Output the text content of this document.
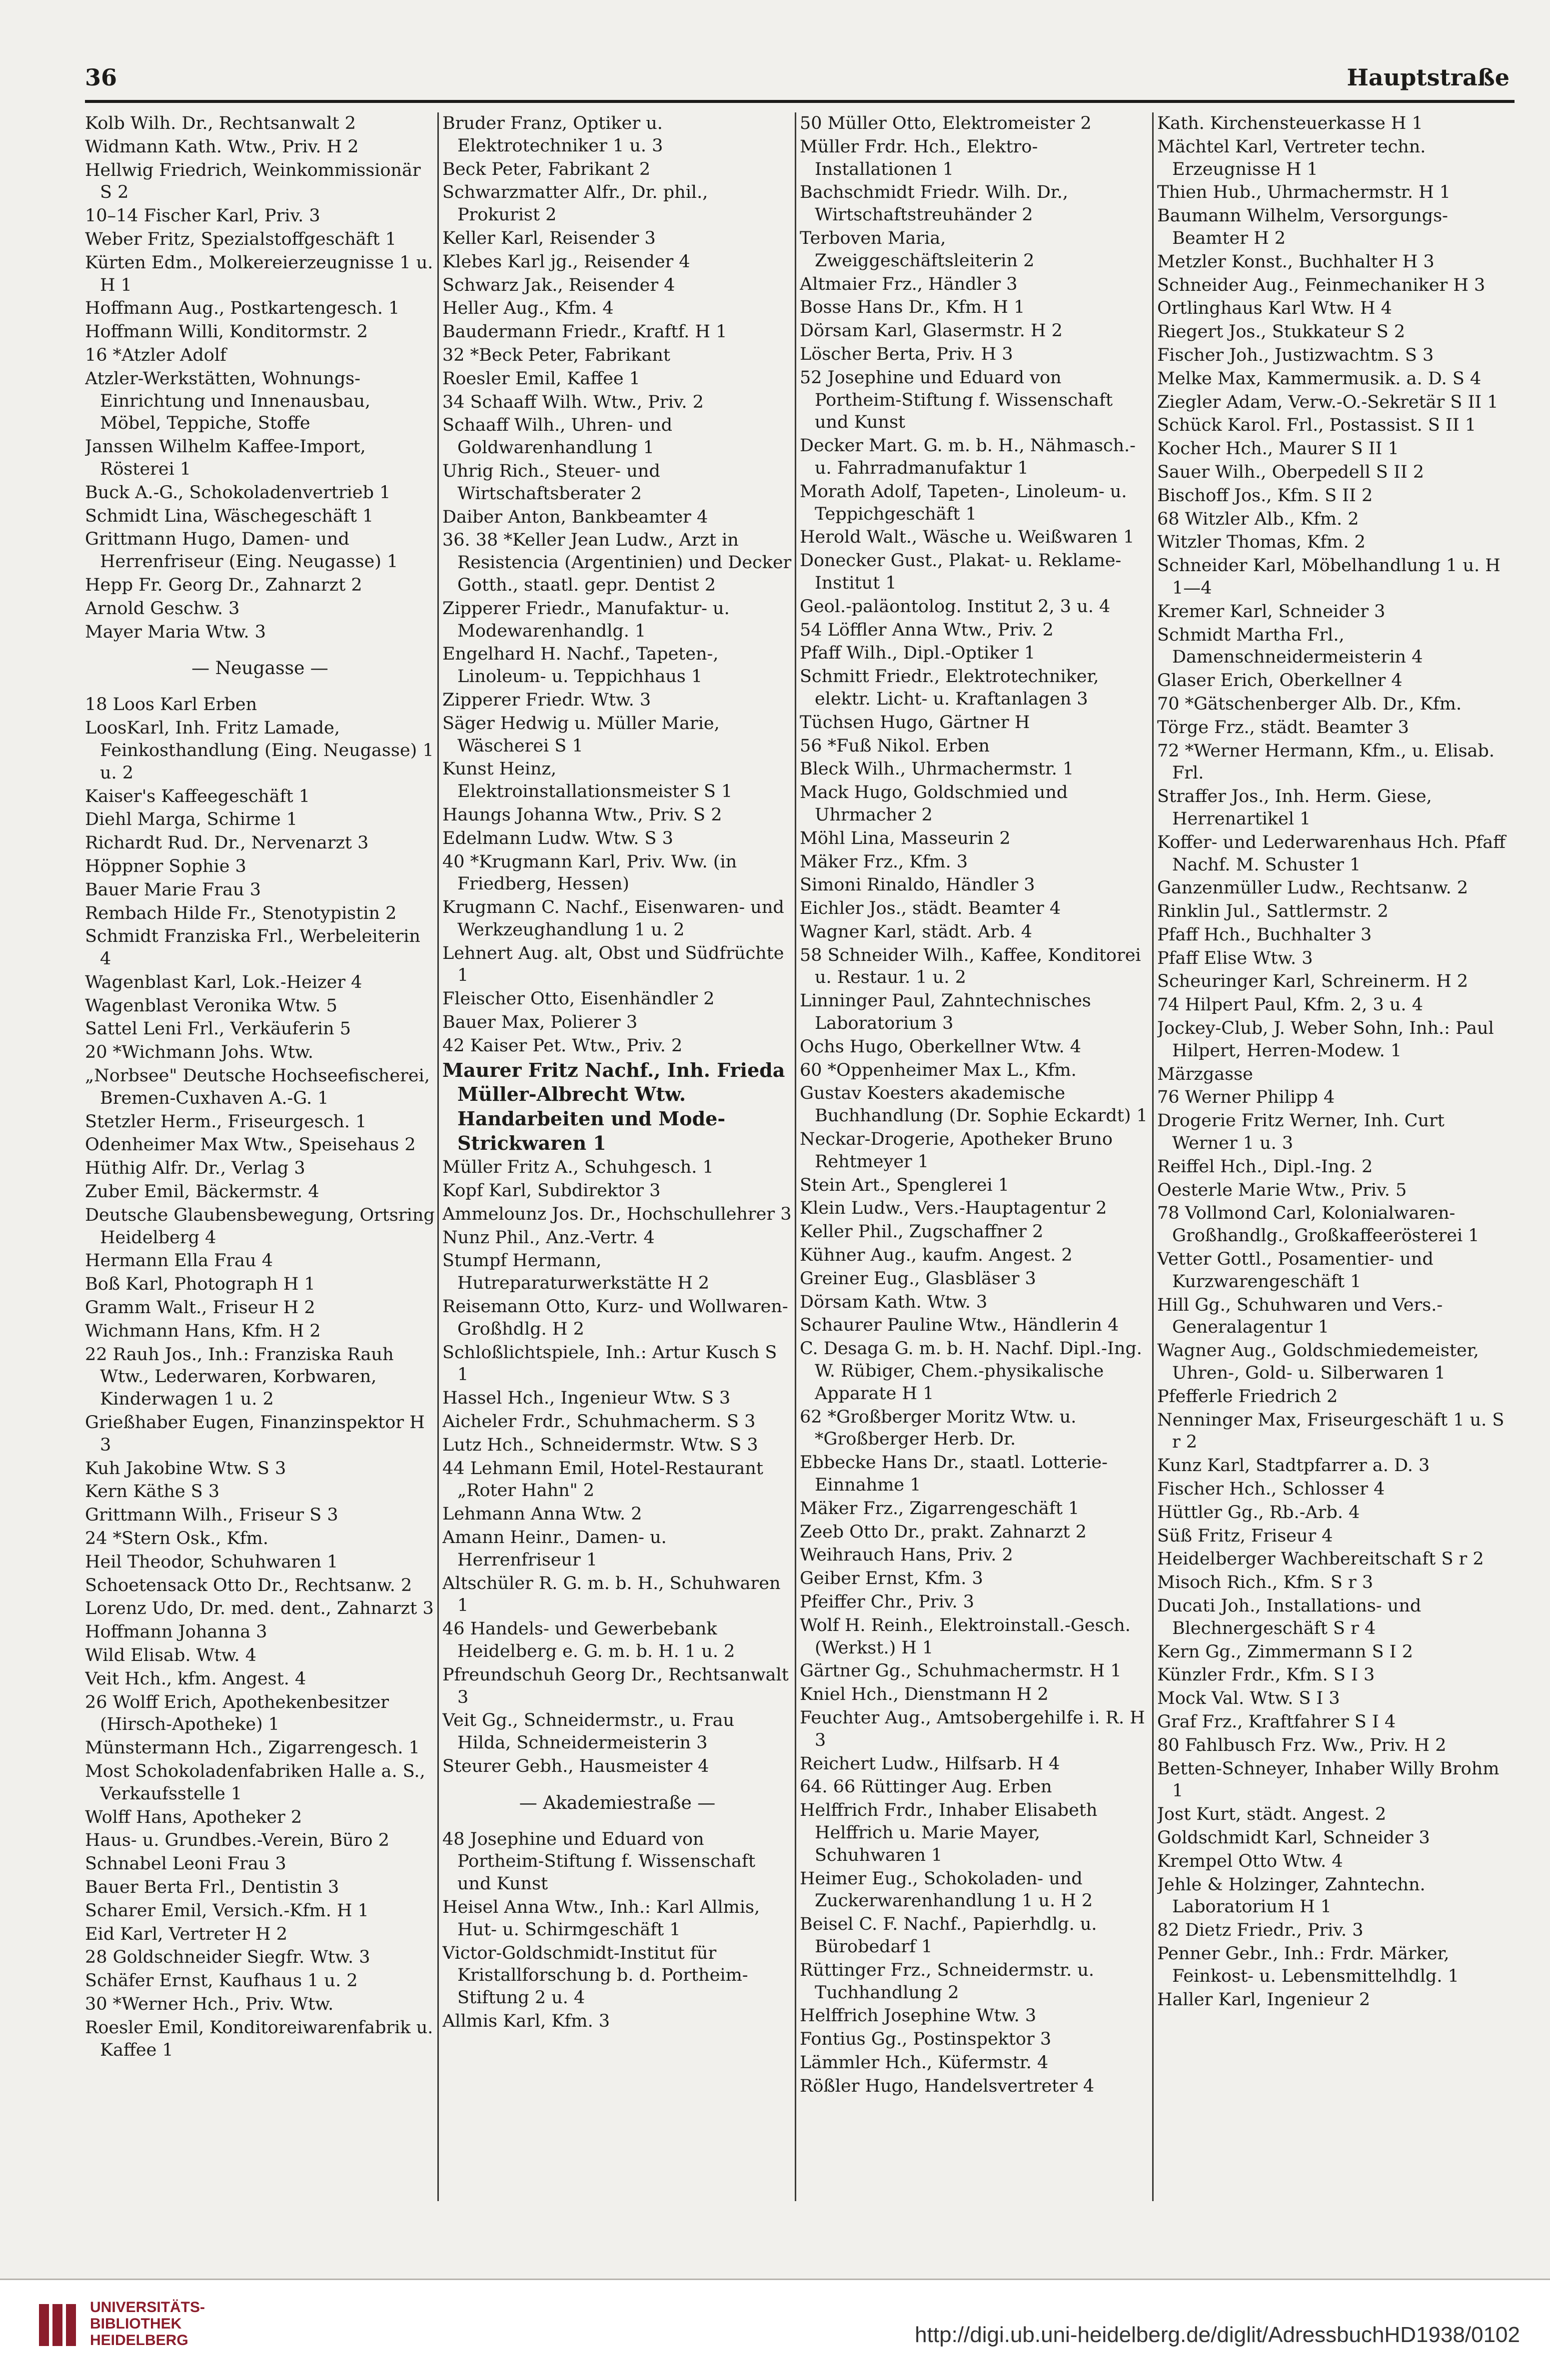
36	Hauptstraße
Kolb Wilh. Dr., Rechtsanwalt 2
Widmann Kath. Wtw., Priv. H 2
Hellwig Friedrich, Weinkommissionär S 2
10–14 Fischer Karl, Priv. 3
Weber Fritz, Spezialstoffgeschäft 1
Kürten Edm., Molkereierzeugnisse 1 u. H 1
Hoffmann Aug., Postkartengesch. 1
Hoffmann Willi, Konditormstr. 2
16 *Atzler Adolf
Atzler-Werkstätten, Wohnungs-Einrichtung und Innenausbau, Möbel, Teppiche, Stoffe
Janssen Wilhelm Kaffee-Import, Rösterei 1
Buck A.-G., Schokoladenvertrieb 1
Schmidt Lina, Wäschegeschäft 1
Grittmann Hugo, Damen- und Herrenfriseur (Eing. Neugasse) 1
Hepp Fr. Georg Dr., Zahnarzt 2
Arnold Geschw. 3
Mayer Maria Wtw. 3
— Neugasse —
18 Loos Karl Erben
LoosKarl, Inh. Fritz Lamade, Feinkosthandlung (Eing. Neugasse) 1 u. 2
Kaiser's Kaffeegeschäft 1
Diehl Marga, Schirme 1
Richardt Rud. Dr., Nervenarzt 3
Höppner Sophie 3
Bauer Marie Frau 3
Rembach Hilde Fr., Stenotypistin 2
Schmidt Franziska Frl., Werbeleiterin 4
Wagenblast Karl, Lok.-Heizer 4
Wagenblast Veronika Wtw. 5
Sattel Leni Frl., Verkäuferin 5
20 *Wichmann Johs. Wtw.
„Norbsee" Deutsche Hochseefischerei, Bremen-Cuxhaven A.-G. 1
Stetzler Herm., Friseurgesch. 1
Odenheimer Max Wtw., Speisehaus 2
Hüthig Alfr. Dr., Verlag 3
Zuber Emil, Bäckermstr. 4
Deutsche Glaubensbewegung, Ortsring Heidelberg 4
Hermann Ella Frau 4
Boß Karl, Photograph H 1
Gramm Walt., Friseur H 2
Wichmann Hans, Kfm. H 2
22 Rauh Jos., Inh.: Franziska Rauh Wtw., Lederwaren, Korbwaren, Kinderwagen 1 u. 2
Grießhaber Eugen, Finanzinspektor H 3
Kuh Jakobine Wtw. S 3
Kern Käthe S 3
Grittmann Wilh., Friseur S 3
24 *Stern Osk., Kfm.
Heil Theodor, Schuhwaren 1
Schoetensack Otto Dr., Rechtsanw. 2
Lorenz Udo, Dr. med. dent., Zahnarzt 3
Hoffmann Johanna 3
Wild Elisab. Wtw. 4
Veit Hch., kfm. Angest. 4
26 Wolff Erich, Apothekenbesitzer (Hirsch-Apotheke) 1
Münstermann Hch., Zigarrengesch. 1
Most Schokoladenfabriken Halle a. S., Verkaufsstelle 1
Wolff Hans, Apotheker 2
Haus- u. Grundbes.-Verein, Büro 2
Schnabel Leoni Frau 3
Bauer Berta Frl., Dentistin 3
Scharer Emil, Versich.-Kfm. H 1
Eid Karl, Vertreter H 2
28 Goldschneider Siegfr. Wtw. 3
Schäfer Ernst, Kaufhaus 1 u. 2
30 *Werner Hch., Priv. Wtw.
Roesler Emil, Konditoreiwarenfabrik u. Kaffee 1
Bruder Franz, Optiker u. Elektrotechniker 1 u. 3
Beck Peter, Fabrikant 2
Schwarzmatter Alfr., Dr. phil., Prokurist 2
Keller Karl, Reisender 3
Klebes Karl jg., Reisender 4
Schwarz Jak., Reisender 4
Heller Aug., Kfm. 4
Baudermann Friedr., Kraftf. H 1
32 *Beck Peter, Fabrikant
Roesler Emil, Kaffee 1
34 Schaaff Wilh. Wtw., Priv. 2
Schaaff Wilh., Uhren- und Goldwarenhandlung 1
Uhrig Rich., Steuer- und Wirtschaftsberater 2
Daiber Anton, Bankbeamter 4
36. 38 *Keller Jean Ludw., Arzt in Resistencia (Argentinien) und Decker Gotth., staatl. gepr. Dentist 2
Zipperer Friedr., Manufaktur- u. Modewarenhandlg. 1
Engelhard H. Nachf., Tapeten-, Linoleum- u. Teppichhaus 1
Zipperer Friedr. Wtw. 3
Säger Hedwig u. Müller Marie, Wäscherei S 1
Kunst Heinz, Elektroinstallationsmeister S 1
Haungs Johanna Wtw., Priv. S 2
Edelmann Ludw. Wtw. S 3
40 *Krugmann Karl, Priv. Ww. (in Friedberg, Hessen)
Krugmann C. Nachf., Eisenwaren- und Werkzeughandlung 1 u. 2
Lehnert Aug. alt, Obst und Südfrüchte 1
Fleischer Otto, Eisenhändler 2
Bauer Max, Polierer 3
42 Kaiser Pet. Wtw., Priv. 2
Maurer Fritz Nachf., Inh. Frieda Müller-Albrecht Wtw. Handarbeiten und Mode-Strickwaren 1
Müller Fritz A., Schuhgesch. 1
Kopf Karl, Subdirektor 3
Ammelounz Jos. Dr., Hochschullehrer 3
Nunz Phil., Anz.-Vertr. 4
Stumpf Hermann, Hutreparaturwerkstätte H 2
Reisemann Otto, Kurz- und Wollwaren-Großhdlg. H 2
Schloßlichtspiele, Inh.: Artur Kusch S 1
Hassel Hch., Ingenieur Wtw. S 3
Aicheler Frdr., Schuhmacherm. S 3
Lutz Hch., Schneidermstr. Wtw. S 3
44 Lehmann Emil, Hotel-Restaurant „Roter Hahn" 2
Lehmann Anna Wtw. 2
Amann Heinr., Damen- u. Herrenfriseur 1
Altschüler R. G. m. b. H., Schuhwaren 1
46 Handels- und Gewerbebank Heidelberg e. G. m. b. H. 1 u. 2
Pfreundschuh Georg Dr., Rechtsanwalt 3
Veit Gg., Schneidermstr., u. Frau Hilda, Schneidermeisterin 3
Steurer Gebh., Hausmeister 4
— Akademiestraße —
48 Josephine und Eduard von Portheim-Stiftung f. Wissenschaft und Kunst
Heisel Anna Wtw., Inh.: Karl Allmis, Hut- u. Schirmgeschäft 1
Victor-Goldschmidt-Institut für Kristallforschung b. d. Portheim-Stiftung 2 u. 4
Allmis Karl, Kfm. 3
50 Müller Otto, Elektromeister 2
Müller Frdr. Hch., Elektro-Installationen 1
Bachschmidt Friedr. Wilh. Dr., Wirtschaftstreuhänder 2
Terboven Maria, Zweiggeschäftsleiterin 2
Altmaier Frz., Händler 3
Bosse Hans Dr., Kfm. H 1
Dörsam Karl, Glasermstr. H 2
Löscher Berta, Priv. H 3
52 Josephine und Eduard von Portheim-Stiftung f. Wissenschaft und Kunst
Decker Mart. G. m. b. H., Nähmasch.- u. Fahrradmanufaktur 1
Morath Adolf, Tapeten-, Linoleum- u. Teppichgeschäft 1
Herold Walt., Wäsche u. Weißwaren 1
Donecker Gust., Plakat- u. Reklame-Institut 1
Geol.-paläontolog. Institut 2, 3 u. 4
54 Löffler Anna Wtw., Priv. 2
Pfaff Wilh., Dipl.-Optiker 1
Schmitt Friedr., Elektrotechniker, elektr. Licht- u. Kraftanlagen 3
Tüchsen Hugo, Gärtner H
56 *Fuß Nikol. Erben
Bleck Wilh., Uhrmachermstr. 1
Mack Hugo, Goldschmied und Uhrmacher 2
Möhl Lina, Masseurin 2
Mäker Frz., Kfm. 3
Simoni Rinaldo, Händler 3
Eichler Jos., städt. Beamter 4
Wagner Karl, städt. Arb. 4
58 Schneider Wilh., Kaffee, Konditorei u. Restaur. 1 u. 2
Linninger Paul, Zahntechnisches Laboratorium 3
Ochs Hugo, Oberkellner Wtw. 4
60 *Oppenheimer Max L., Kfm.
Gustav Koesters akademische Buchhandlung (Dr. Sophie Eckardt) 1
Neckar-Drogerie, Apotheker Bruno Rehtmeyer 1
Stein Art., Spenglerei 1
Klein Ludw., Vers.-Hauptagentur 2
Keller Phil., Zugschaffner 2
Kühner Aug., kaufm. Angest. 2
Greiner Eug., Glasbläser 3
Dörsam Kath. Wtw. 3
Schaurer Pauline Wtw., Händlerin 4
C. Desaga G. m. b. H. Nachf. Dipl.-Ing. W. Rübiger, Chem.-physikalische Apparate H 1
62 *Großberger Moritz Wtw. u. *Großberger Herb. Dr.
Ebbecke Hans Dr., staatl. Lotterie-Einnahme 1
Mäker Frz., Zigarrengeschäft 1
Zeeb Otto Dr., prakt. Zahnarzt 2
Weihrauch Hans, Priv. 2
Geiber Ernst, Kfm. 3
Pfeiffer Chr., Priv. 3
Wolf H. Reinh., Elektroinstall.-Gesch. (Werkst.) H 1
Gärtner Gg., Schuhmachermstr. H 1
Kniel Hch., Dienstmann H 2
Feuchter Aug., Amtsobergehilfe i. R. H 3
Reichert Ludw., Hilfsarb. H 4
64. 66 Rüttinger Aug. Erben
Helffrich Frdr., Inhaber Elisabeth Helffrich u. Marie Mayer, Schuhwaren 1
Heimer Eug., Schokoladen- und Zuckerwarenhandlung 1 u. H 2
Beisel C. F. Nachf., Papierhdlg. u. Bürobedarf 1
Rüttinger Frz., Schneidermstr. u. Tuchhandlung 2
Helffrich Josephine Wtw. 3
Fontius Gg., Postinspektor 3
Lämmler Hch., Küfermstr. 4
Rößler Hugo, Handelsvertreter 4
Kath. Kirchensteuerkasse H 1
Mächtel Karl, Vertreter techn. Erzeugnisse H 1
Thien Hub., Uhrmachermstr. H 1
Baumann Wilhelm, Versorgungs-Beamter H 2
Metzler Konst., Buchhalter H 3
Schneider Aug., Feinmechaniker H 3
Ortlinghaus Karl Wtw. H 4
Riegert Jos., Stukkateur S 2
Fischer Joh., Justizwachtm. S 3
Melke Max, Kammermusik. a. D. S 4
Ziegler Adam, Verw.-O.-Sekretär S II 1
Schück Karol. Frl., Postassist. S II 1
Kocher Hch., Maurer S II 1
Sauer Wilh., Oberpedell S II 2
Bischoff Jos., Kfm. S II 2
68 Witzler Alb., Kfm. 2
Witzler Thomas, Kfm. 2
Schneider Karl, Möbelhandlung 1 u. H 1—4
Kremer Karl, Schneider 3
Schmidt Martha Frl., Damenschneidermeisterin 4
Glaser Erich, Oberkellner 4
70 *Gätschenberger Alb. Dr., Kfm.
Törge Frz., städt. Beamter 3
72 *Werner Hermann, Kfm., u. Elisab. Frl.
Straffer Jos., Inh. Herm. Giese, Herrenartikel 1
Koffer- und Lederwarenhaus Hch. Pfaff Nachf. M. Schuster 1
Ganzenmüller Ludw., Rechtsanw. 2
Rinklin Jul., Sattlermstr. 2
Pfaff Hch., Buchhalter 3
Pfaff Elise Wtw. 3
Scheuringer Karl, Schreinerm. H 2
74 Hilpert Paul, Kfm. 2, 3 u. 4
Jockey-Club, J. Weber Sohn, Inh.: Paul Hilpert, Herren-Modew. 1
Märzgasse
76 Werner Philipp 4
Drogerie Fritz Werner, Inh. Curt Werner 1 u. 3
Reiffel Hch., Dipl.-Ing. 2
Oesterle Marie Wtw., Priv. 5
78 Vollmond Carl, Kolonialwaren-Großhandlg., Großkaffeerösterei 1
Vetter Gottl., Posamentier- und Kurzwarengeschäft 1
Hill Gg., Schuhwaren und Vers.-Generalagentur 1
Wagner Aug., Goldschmiedemeister, Uhren-, Gold- u. Silberwaren 1
Pfefferle Friedrich 2
Nenninger Max, Friseurgeschäft 1 u. S r 2
Kunz Karl, Stadtpfarrer a. D. 3
Fischer Hch., Schlosser 4
Hüttler Gg., Rb.-Arb. 4
Süß Fritz, Friseur 4
Heidelberger Wachbereitschaft S r 2
Misoch Rich., Kfm. S r 3
Ducati Joh., Installations- und Blechnergeschäft S r 4
Kern Gg., Zimmermann S I 2
Künzler Frdr., Kfm. S I 3
Mock Val. Wtw. S I 3
Graf Frz., Kraftfahrer S I 4
80 Fahlbusch Frz. Ww., Priv. H 2
Betten-Schneyer, Inhaber Willy Brohm 1
Jost Kurt, städt. Angest. 2
Goldschmidt Karl, Schneider 3
Krempel Otto Wtw. 4
Jehle & Holzinger, Zahntechn. Laboratorium H 1
82 Dietz Friedr., Priv. 3
Penner Gebr., Inh.: Frdr. Märker, Feinkost- u. Lebensmittelhdlg. 1
Haller Karl, Ingenieur 2
UNIVERSITÄTS-
BIBLIOTHEK
HEIDELBERG	http://digi.ub.uni-heidelberg.de/diglit/AdressbuchHD1938/0102
